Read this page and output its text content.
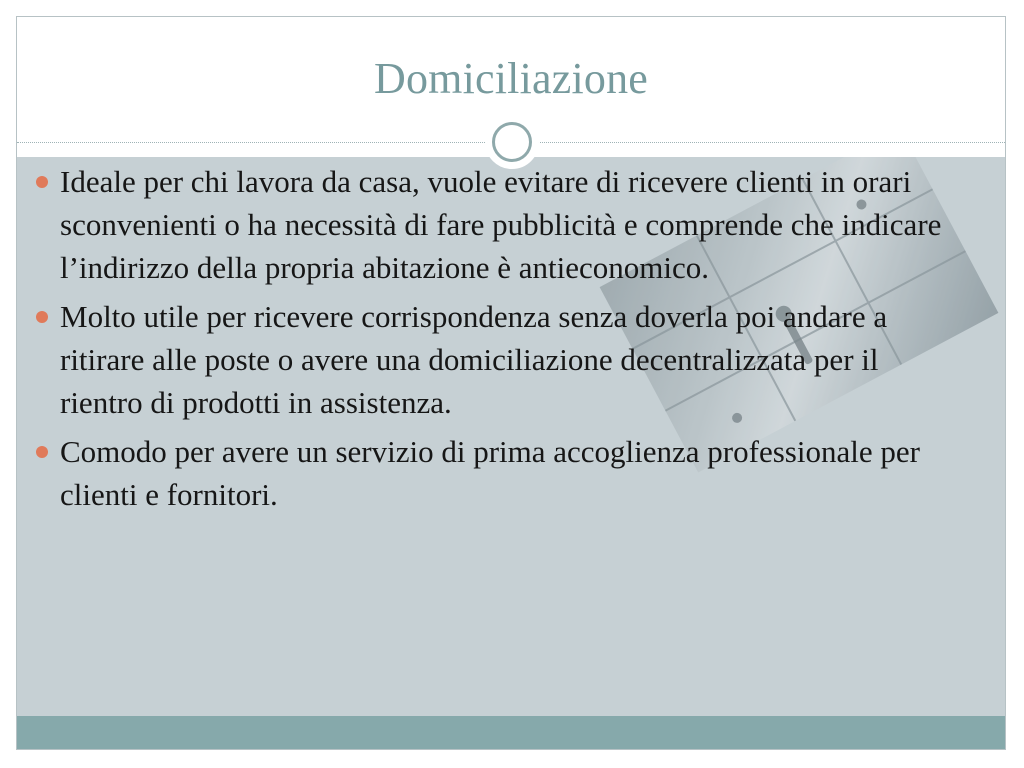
Domiciliazione
Ideale per chi lavora da casa, vuole evitare di ricevere clienti in orari sconvenienti o ha necessità di fare pubblicità e comprende che indicare l’indirizzo della propria abitazione è antieconomico.
Molto utile per ricevere corrispondenza senza doverla poi andare a ritirare alle poste o avere una domiciliazione decentralizzata per il rientro di prodotti in assistenza.
Comodo per avere un servizio di prima accoglienza professionale per clienti e fornitori.
